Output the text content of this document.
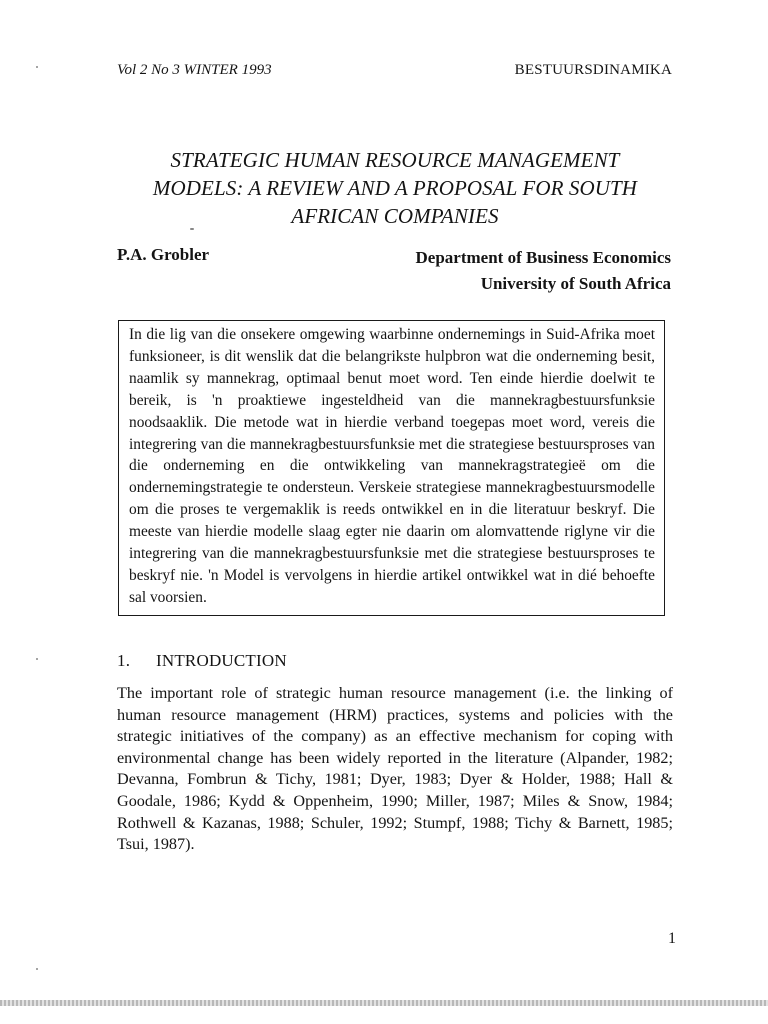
Vol 2 No 3 WINTER 1993	BESTUURSDINAMIKA
STRATEGIC HUMAN RESOURCE MANAGEMENT
MODELS: A REVIEW AND A PROPOSAL FOR SOUTH
AFRICAN COMPANIES
P.A. Grobler	Department of Business Economics
University of South Africa
In die lig van die onsekere omgewing waarbinne ondernemings in Suid-Afrika moet funksioneer, is dit wenslik dat die belangrikste hulpbron wat die onderneming besit, naamlik sy mannekrag, optimaal benut moet word. Ten einde hierdie doelwit te bereik, is 'n proaktiewe ingesteldheid van die mannekragbestuursfunksie noodsaaklik. Die metode wat in hierdie verband toegepas moet word, vereis die integrering van die mannekragbestuursfunksie met die strategiese bestuursproses van die onderneming en die ontwikkeling van mannekragstrategieë om die ondernemingstrategie te ondersteun. Verskeie strategiese mannekragbestuursmodelle om die proses te vergemaklik is reeds ontwikkel en in die literatuur beskryf. Die meeste van hierdie modelle slaag egter nie daarin om alomvattende riglyne vir die integrering van die mannekragbestuursfunksie met die strategiese bestuursproses te beskryf nie. 'n Model is vervolgens in hierdie artikel ontwikkel wat in dié behoefte sal voorsien.
1. INTRODUCTION
The important role of strategic human resource management (i.e. the linking of human resource management (HRM) practices, systems and policies with the strategic initiatives of the company) as an effective mechanism for coping with environmental change has been widely reported in the literature (Alpander, 1982; Devanna, Fombrun & Tichy, 1981; Dyer, 1983; Dyer & Holder, 1988; Hall & Goodale, 1986; Kydd & Oppenheim, 1990; Miller, 1987; Miles & Snow, 1984; Rothwell & Kazanas, 1988; Schuler, 1992; Stumpf, 1988; Tichy & Barnett, 1985; Tsui, 1987).
1
